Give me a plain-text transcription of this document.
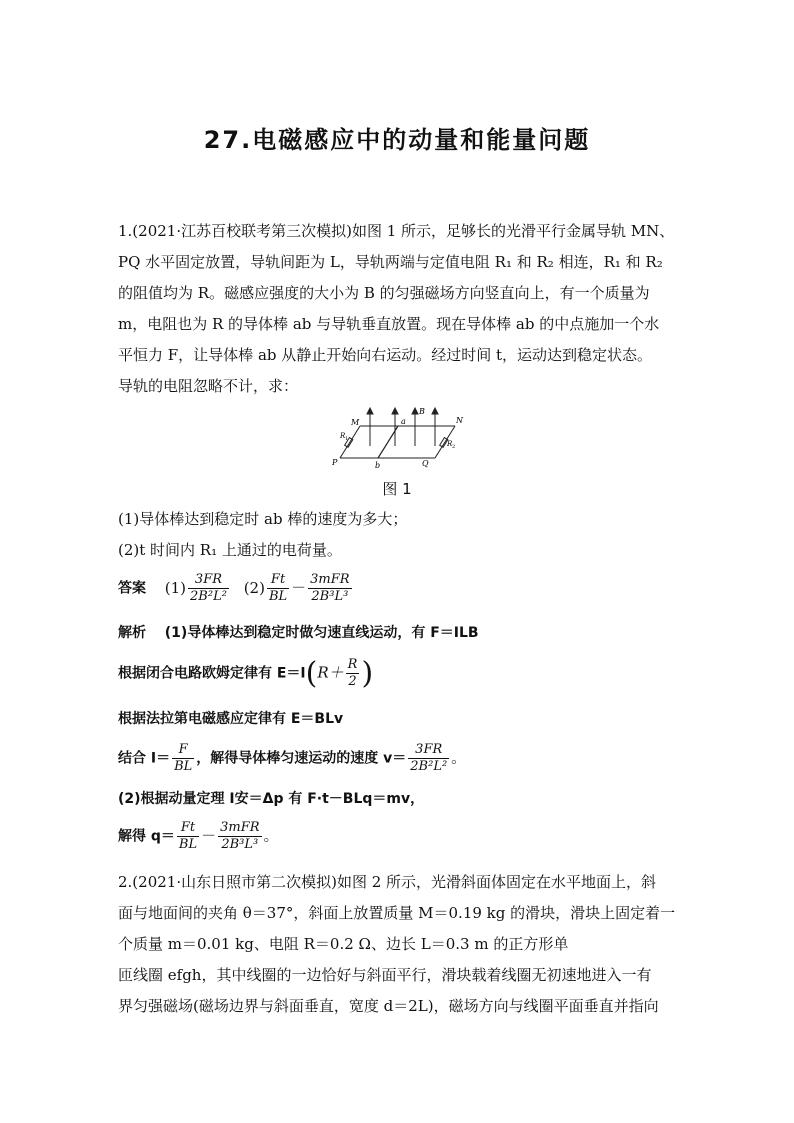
27.电磁感应中的动量和能量问题
1.(2021·江苏百校联考第三次模拟)如图 1 所示，足够长的光滑平行金属导轨 MN、
PQ 水平固定放置，导轨间距为 L，导轨两端与定值电阻 R₁ 和 R₂ 相连，R₁ 和 R₂
的阻值均为 R。磁感应强度的大小为 B 的匀强磁场方向竖直向上，有一个质量为
m，电阻也为 R 的导体棒 ab 与导轨垂直放置。现在导体棒 ab 的中点施加一个水
平恒力 F，让导体棒 ab 从静止开始向右运动。经过时间 t，运动达到稳定状态。
导轨的电阻忽略不计，求：
M	N
P	Q
a
b
B
R 1
R 2
图 1
(1)导体棒达到稳定时 ab 棒的速度为多大；
(2)t 时间内 R₁ 上通过的电荷量。
答案 $(1) \frac{3FR}{\text{2B²L²}} (2) \frac{Ft}{BL} - \frac{\text{3mFR}}{\text{2B³L³}}$
解析 (1)导体棒达到稳定时做匀速直线运动，有 F＝ILB
根据闭合电路欧姆定律有 $E=I(R+ \frac{R}{2}$ )
根据法拉第电磁感应定律有 E＝BLv
结合 $I= \frac{F}{BL}$ ，解得导体棒匀速运动的速度 $v= \frac{3FR}{\text{2B²L²}}$ 。
(2)根据动量定理 I安＝Δp 有 F·t－BLq＝mv，
解得 $q= \frac{Ft}{BL} - \frac{\text{3mFR}}{\text{2B³L³}}$ 。
2.(2021·山东日照市第二次模拟)如图 2 所示，光滑斜面体固定在水平地面上，斜
面与地面间的夹角 θ＝37°，斜面上放置质量 M＝0.19 kg 的滑块，滑块上固定着一
个质量 m＝0.01 kg、电阻 R＝0.2 Ω、边长 L＝0.3 m 的正方形单
匝线圈 efgh，其中线圈的一边恰好与斜面平行，滑块载着线圈无初速地进入一有
界匀强磁场(磁场边界与斜面垂直，宽度 d＝2L)，磁场方向与线圈平面垂直并指向
